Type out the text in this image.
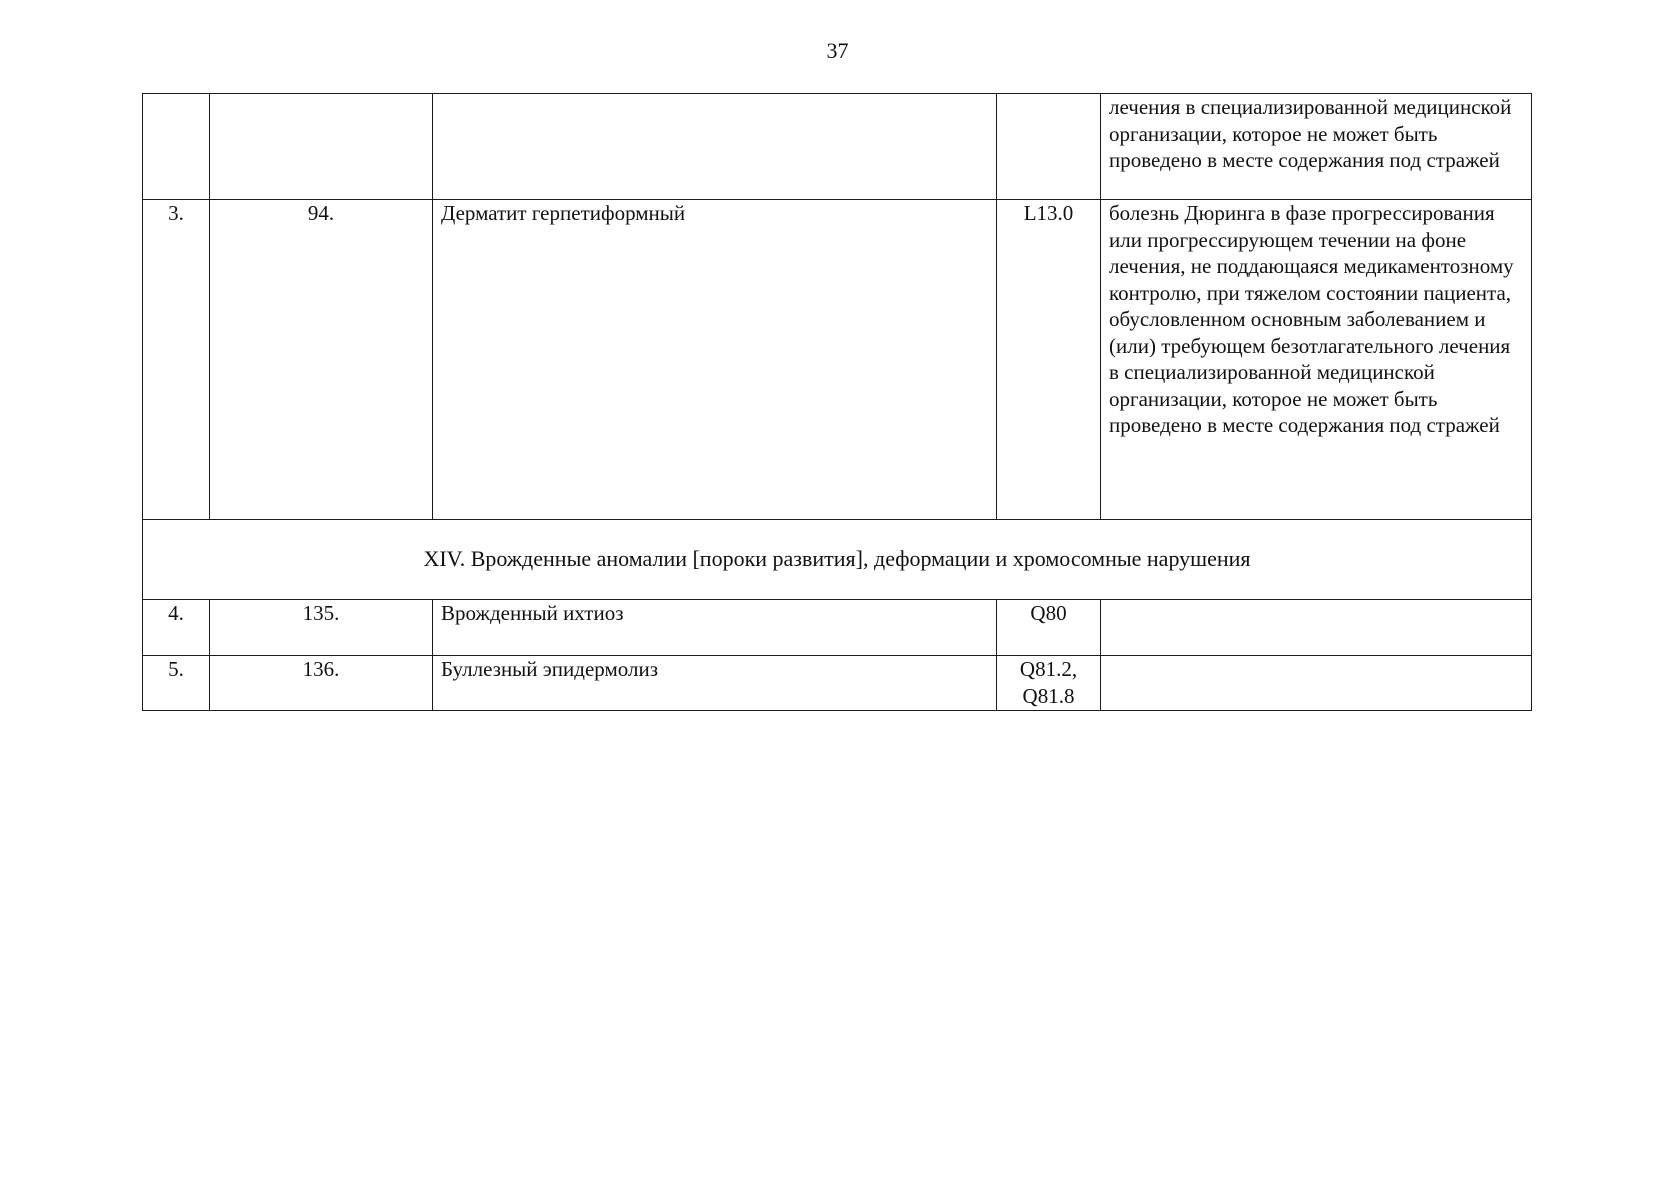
37
				лечения в специализированной медицинской организации, которое не может быть проведено в месте содержания под стражей
3.	94.	Дерматит герпетиформный	L13.0	болезнь Дюринга в фазе прогрессирования или прогрессирующем течении на фоне лечения, не поддающаяся медикаментозному контролю, при тяжелом состоянии пациента, обусловленном основным заболеванием и (или) требующем безотлагательного лечения в специализированной медицинской организации, которое не может быть проведено в месте содержания под стражей
XIV. Врожденные аномалии [пороки развития], деформации и хромосомные нарушения				
4.	135.	Врожденный ихтиоз	Q80	
5.	136.	Буллезный эпидермолиз	Q81.2,
Q81.8	
